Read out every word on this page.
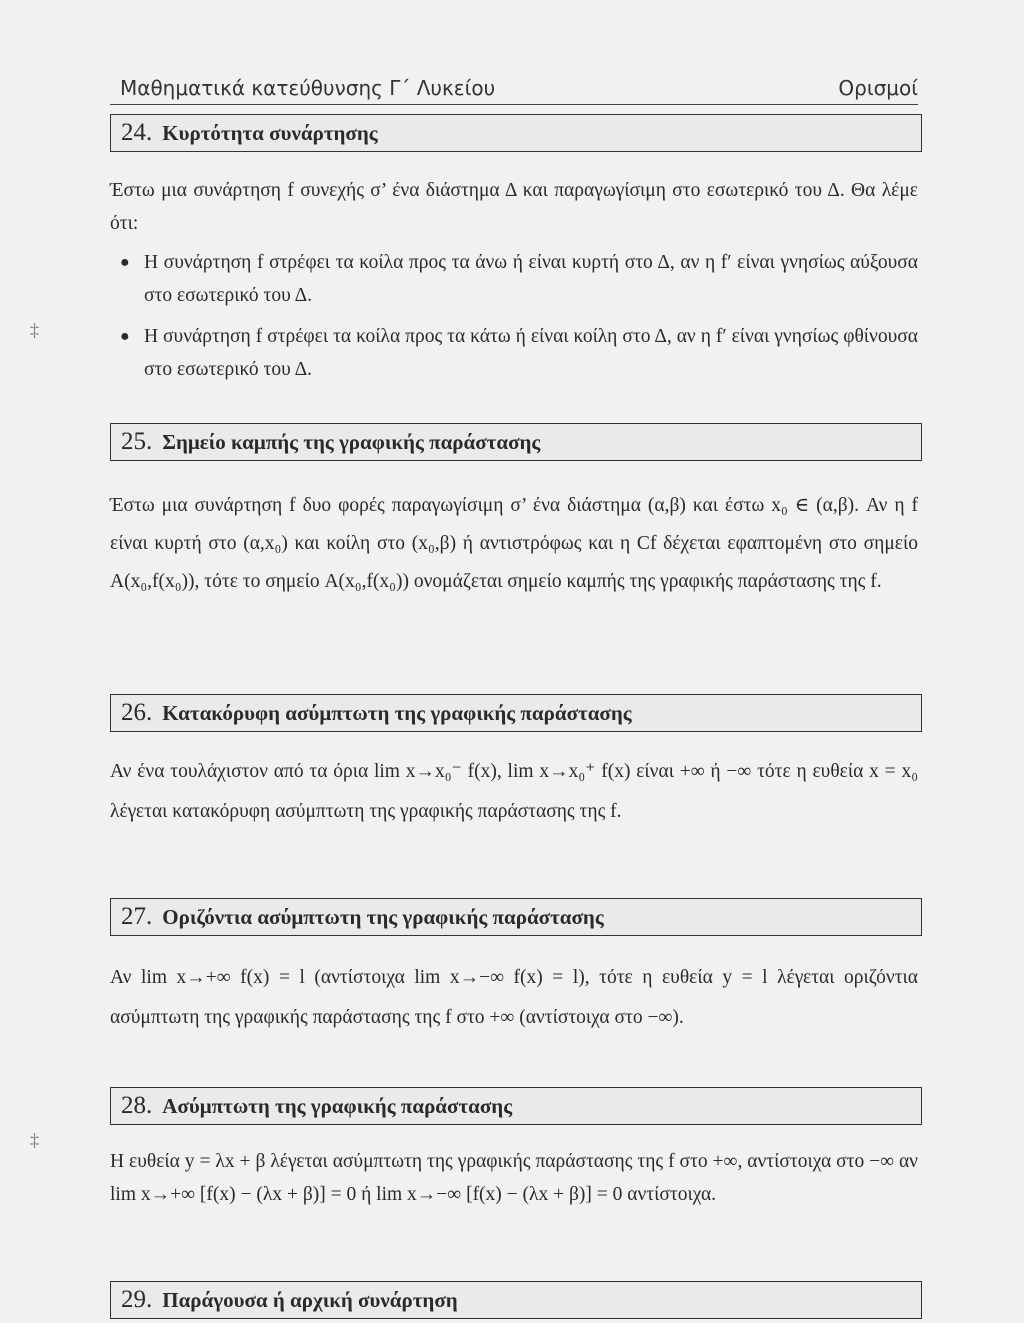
Μαθηματικά κατεύθυνσης Γ΄ Λυκείου	Ορισμοί
‡
‡
24. Κυρτότητα συνάρτησης

Έστω μια συνάρτηση f συνεχής σ’ ένα διάστημα Δ και παραγωγίσιμη στο εσωτερικό του Δ. Θα λέμε ότι:

● Η συνάρτηση f στρέφει τα κοίλα προς τα άνω ή είναι κυρτή στο Δ, αν η f′ είναι γνησίως αύξουσα στο εσωτερικό του Δ.
● Η συνάρτηση f στρέφει τα κοίλα προς τα κάτω ή είναι κοίλη στο Δ, αν η f′ είναι γνησίως φθίνουσα στο εσωτερικό του Δ.
25. Σημείο καμπής της γραφικής παράστασης

Έστω μια συνάρτηση f δυο φορές παραγωγίσιμη σ’ ένα διάστημα (α,β) και έστω x₀ ∈ (α,β). Αν η f είναι κυρτή στο (α,x₀) και κοίλη στο (x₀,β) ή αντιστρόφως και η Cf δέχεται εφαπτομένη στο σημείο A(x₀,f(x₀)), τότε το σημείο A(x₀,f(x₀)) ονομάζεται σημείο καμπής της γραφικής παράστασης της f.

26. Κατακόρυφη ασύμπτωτη της γραφικής παράστασης

Αν ένα τουλάχιστον από τα όρια lim x→x₀⁻ f(x), lim x→x₀⁺ f(x) είναι +∞ ή −∞ τότε η ευθεία x = x₀ λέγεται κατακόρυφη ασύμπτωτη της γραφικής παράστασης της f.

27. Οριζόντια ασύμπτωτη της γραφικής παράστασης

Αν lim x→+∞ f(x) = l (αντίστοιχα lim x→−∞ f(x) = l), τότε η ευθεία y = l λέγεται οριζόντια ασύμπτωτη της γραφικής παράστασης της f στο +∞ (αντίστοιχα στο −∞).

28. Ασύμπτωτη της γραφικής παράστασης

Η ευθεία y = λx + β λέγεται ασύμπτωτη της γραφικής παράστασης της f στο +∞, αντίστοιχα στο −∞ αν lim x→+∞ [f(x) − (λx + β)] = 0 ή lim x→−∞ [f(x) − (λx + β)] = 0 αντίστοιχα.

29. Παράγουσα ή αρχική συνάρτηση
